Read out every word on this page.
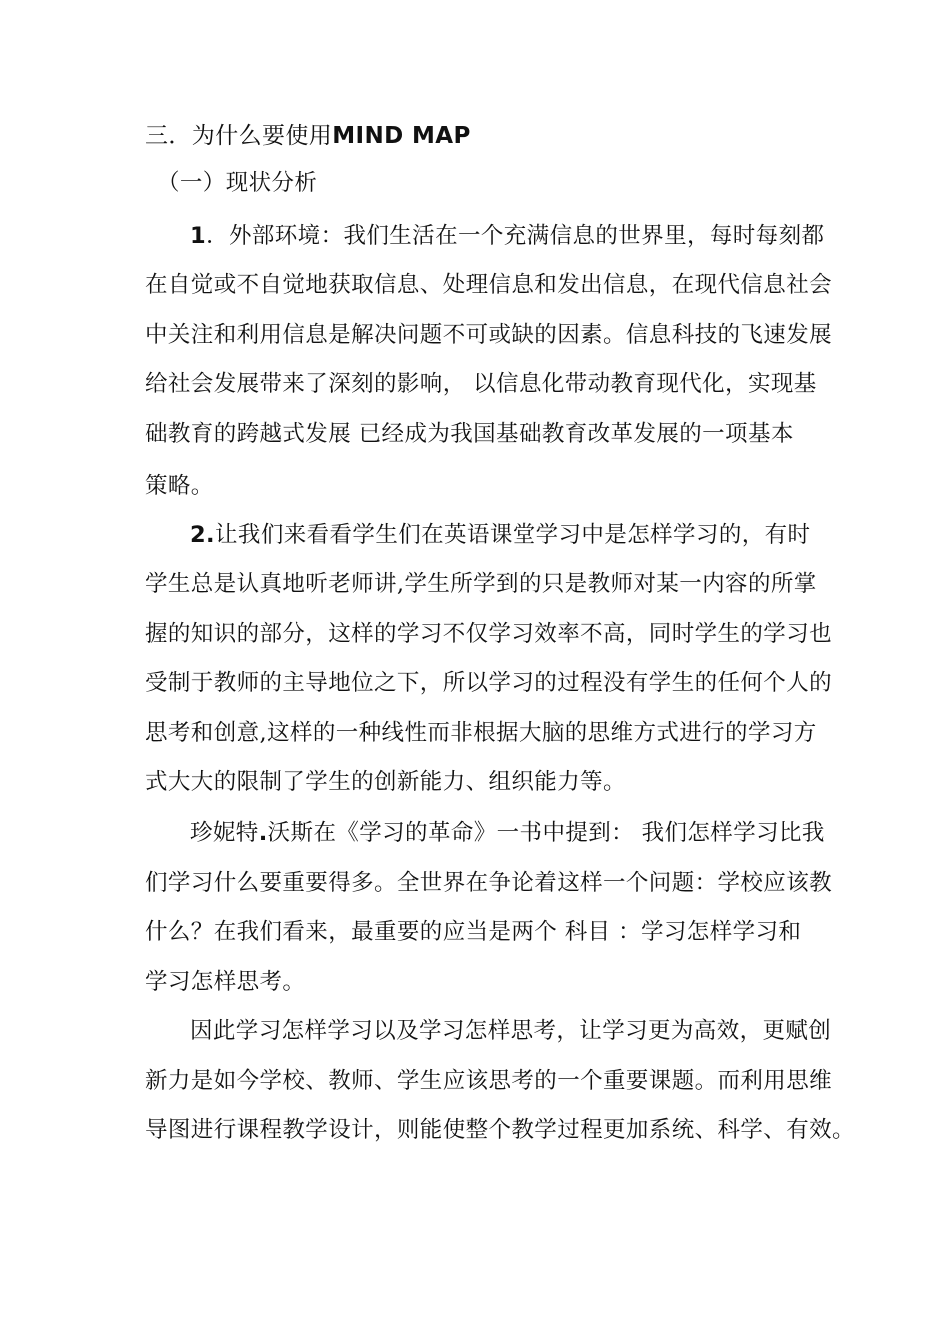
三．为什么要使用MIND MAP
（一）现状分析
1．外部环境：我们生活在一个充满信息的世界里，每时每刻都
在自觉或不自觉地获取信息、处理信息和发出信息，在现代信息社会
中关注和利用信息是解决问题不可或缺的因素。信息科技的飞速发展
给社会发展带来了深刻的影响， 以信息化带动教育现代化，实现基
础教育的跨越式发展 已经成为我国基础教育改革发展的一项基本
策略。
2.让我们来看看学生们在英语课堂学习中是怎样学习的，有时
学生总是认真地听老师讲,学生所学到的只是教师对某一内容的所掌
握的知识的部分，这样的学习不仅学习效率不高，同时学生的学习也
受制于教师的主导地位之下，所以学习的过程没有学生的任何个人的
思考和创意,这样的一种线性而非根据大脑的思维方式进行的学习方
式大大的限制了学生的创新能力、组织能力等。
珍妮特.沃斯在《学习的革命》一书中提到： 我们怎样学习比我
们学习什么要重要得多。全世界在争论着这样一个问题：学校应该教
什么？在我们看来，最重要的应当是两个 科目 ：学习怎样学习和
学习怎样思考。
因此学习怎样学习以及学习怎样思考，让学习更为高效，更赋创
新力是如今学校、教师、学生应该思考的一个重要课题。而利用思维
导图进行课程教学设计，则能使整个教学过程更加系统、科学、有效。
